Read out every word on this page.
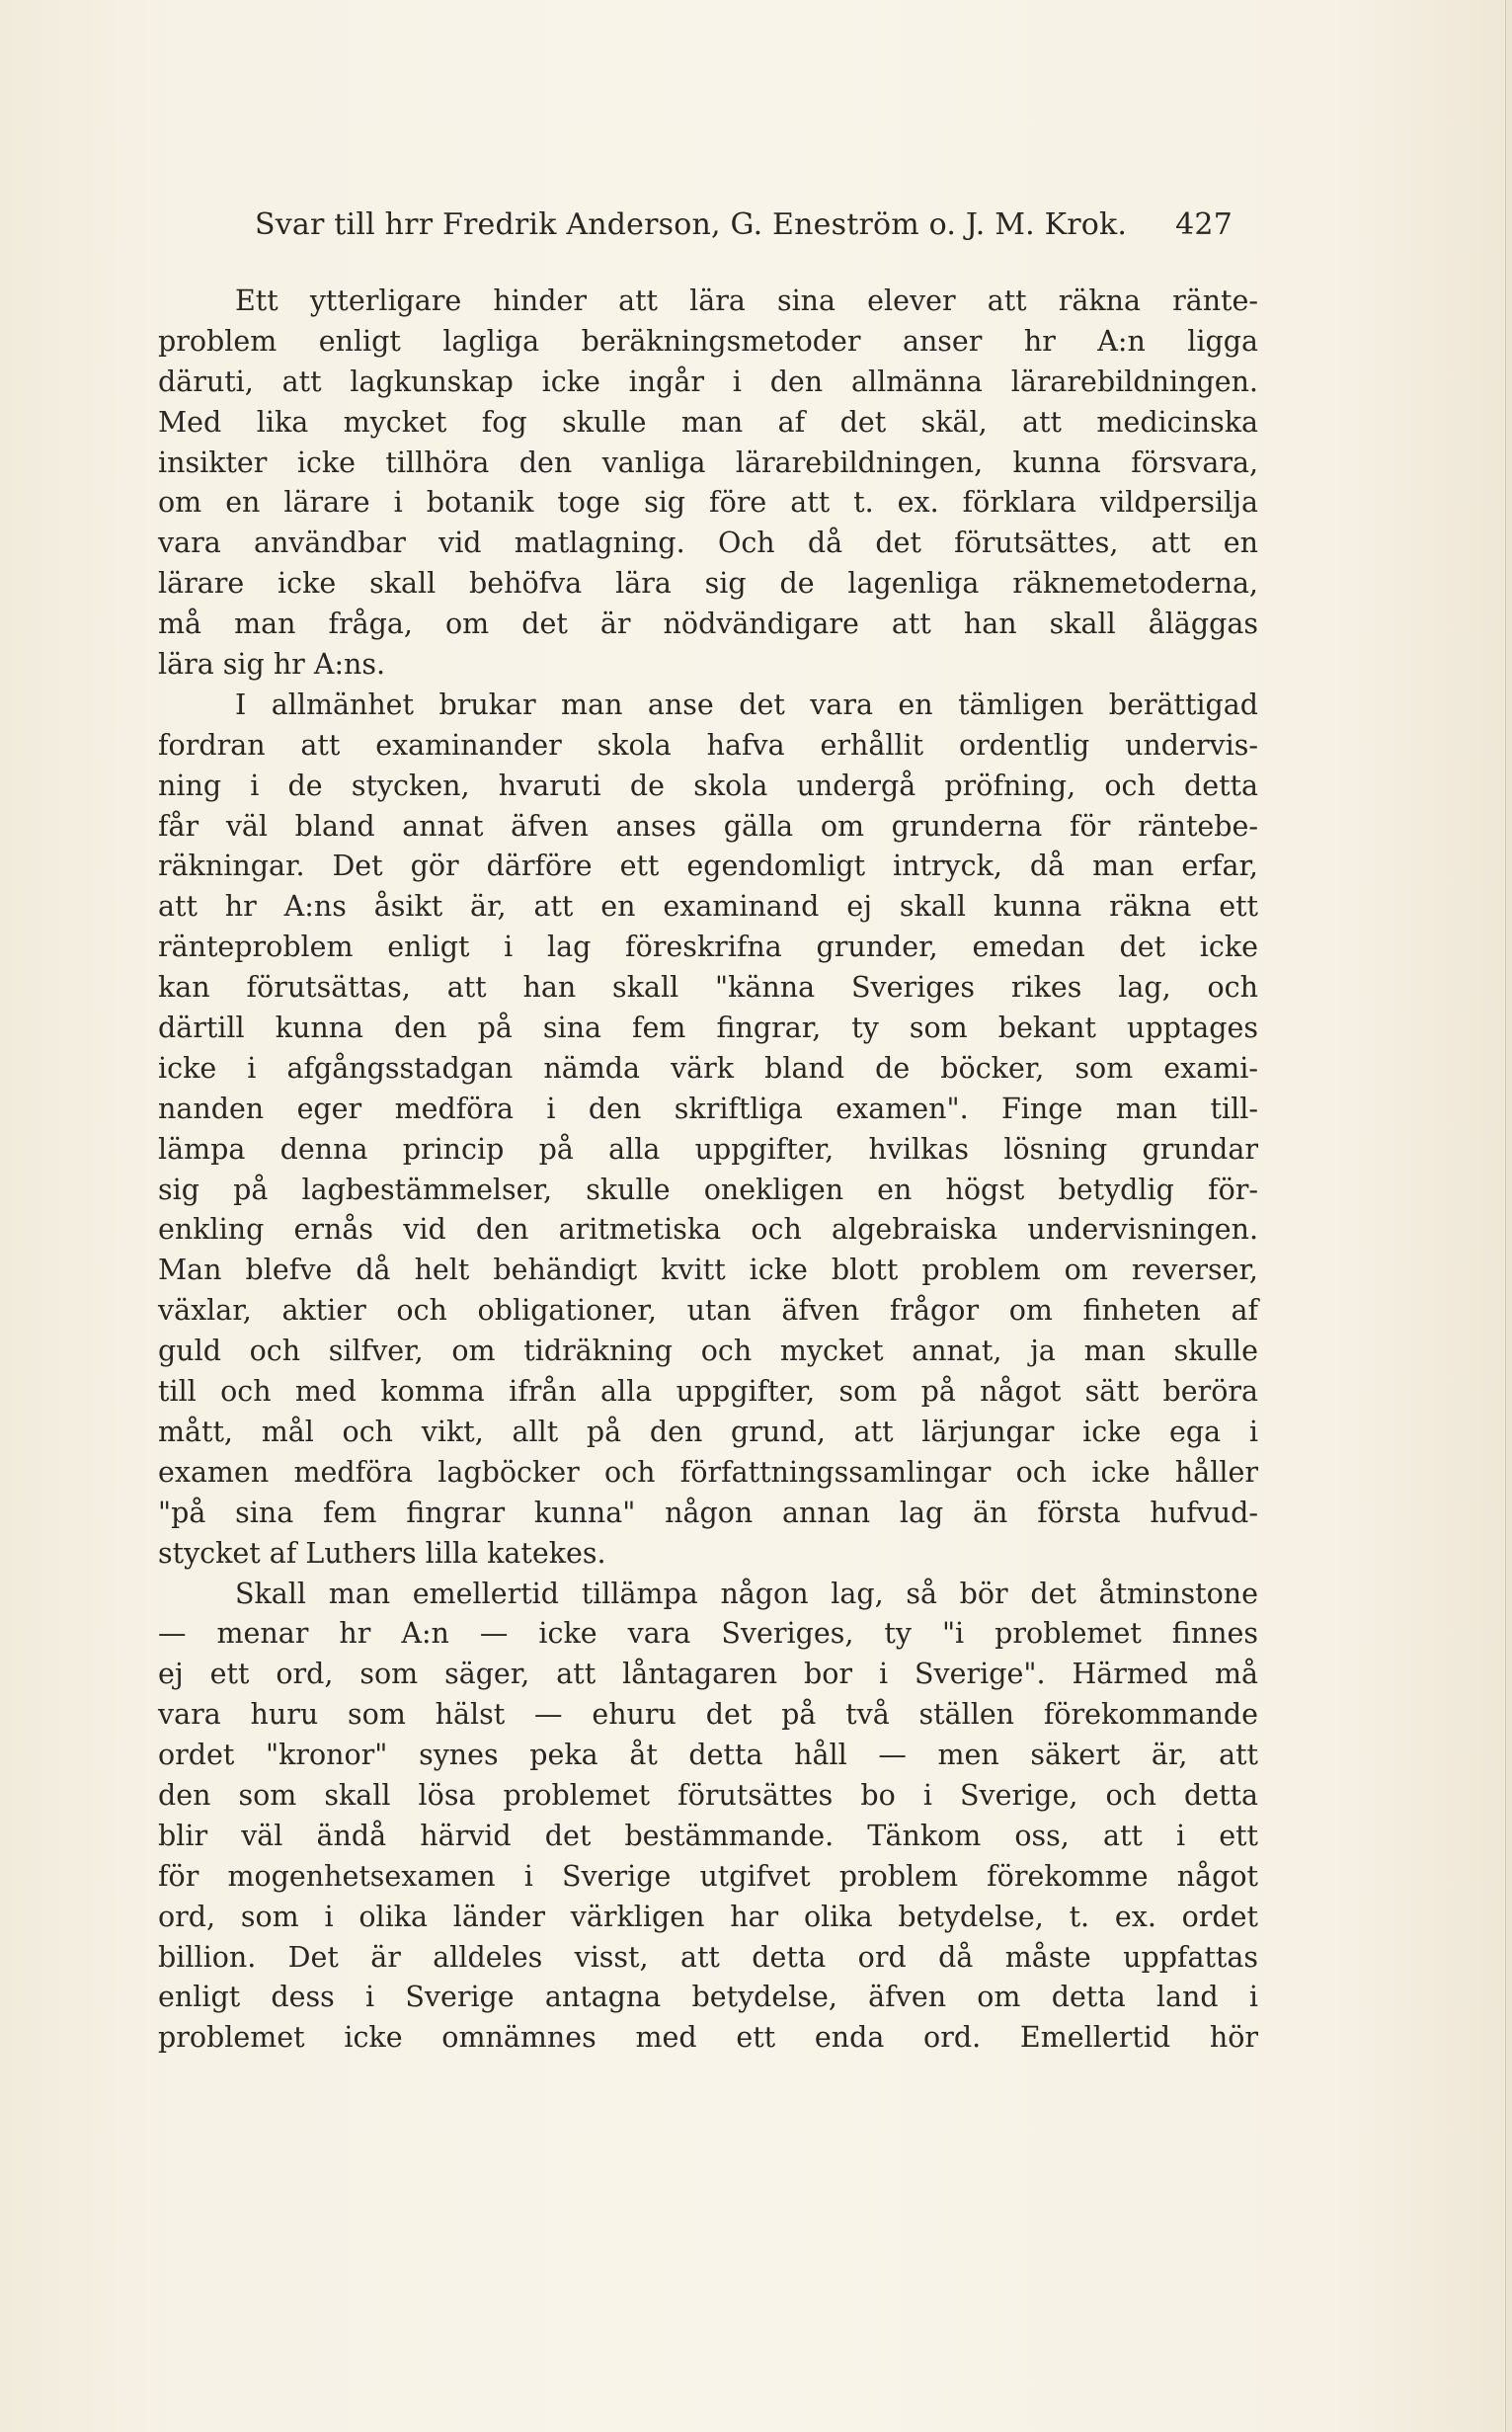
Svar till hrr Fredrik Anderson, G. Eneström o. J. M. Krok. 427
Ett ytterligare hinder att lära sina elever att räkna ränte-
problem enligt lagliga beräkningsmetoder anser hr A:n ligga
däruti, att lagkunskap icke ingår i den allmänna lärarebildningen.
Med lika mycket fog skulle man af det skäl, att medicinska
insikter icke tillhöra den vanliga lärarebildningen, kunna försvara,
om en lärare i botanik toge sig före att t. ex. förklara vildpersilja
vara användbar vid matlagning. Och då det förutsättes, att en
lärare icke skall behöfva lära sig de lagenliga räknemetoderna,
må man fråga, om det är nödvändigare att han skall åläggas
lära sig hr A:ns.
I allmänhet brukar man anse det vara en tämligen berättigad
fordran att examinander skola hafva erhållit ordentlig undervis-
ning i de stycken, hvaruti de skola undergå pröfning, och detta
får väl bland annat äfven anses gälla om grunderna för räntebe-
räkningar. Det gör därföre ett egendomligt intryck, då man erfar,
att hr A:ns åsikt är, att en examinand ej skall kunna räkna ett
ränteproblem enligt i lag föreskrifna grunder, emedan det icke
kan förutsättas, att han skall "känna Sveriges rikes lag, och
därtill kunna den på sina fem fingrar, ty som bekant upptages
icke i afgångsstadgan nämda värk bland de böcker, som exami-
nanden eger medföra i den skriftliga examen". Finge man till-
lämpa denna princip på alla uppgifter, hvilkas lösning grundar
sig på lagbestämmelser, skulle onekligen en högst betydlig för-
enkling ernås vid den aritmetiska och algebraiska undervisningen.
Man blefve då helt behändigt kvitt icke blott problem om reverser,
växlar, aktier och obligationer, utan äfven frågor om finheten af
guld och silfver, om tidräkning och mycket annat, ja man skulle
till och med komma ifrån alla uppgifter, som på något sätt beröra
mått, mål och vikt, allt på den grund, att lärjungar icke ega i
examen medföra lagböcker och författningssamlingar och icke håller
"på sina fem fingrar kunna" någon annan lag än första hufvud-
stycket af Luthers lilla katekes.
Skall man emellertid tillämpa någon lag, så bör det åtminstone
— menar hr A:n — icke vara Sveriges, ty "i problemet finnes
ej ett ord, som säger, att låntagaren bor i Sverige". Härmed må
vara huru som hälst — ehuru det på två ställen förekommande
ordet "kronor" synes peka åt detta håll — men säkert är, att
den som skall lösa problemet förutsättes bo i Sverige, och detta
blir väl ändå härvid det bestämmande. Tänkom oss, att i ett
för mogenhetsexamen i Sverige utgifvet problem förekomme något
ord, som i olika länder värkligen har olika betydelse, t. ex. ordet
billion. Det är alldeles visst, att detta ord då måste uppfattas
enligt dess i Sverige antagna betydelse, äfven om detta land i
problemet icke omnämnes med ett enda ord. Emellertid hör
